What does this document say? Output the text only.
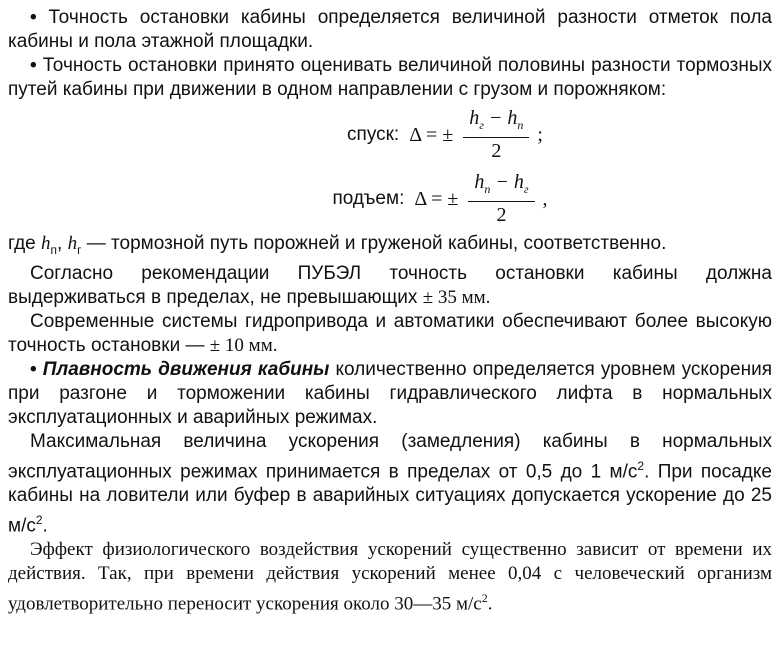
• Точность остановки кабины определяется величиной разности отметок пола кабины и пола этажной площадки.

• Точность остановки принято оценивать величиной половины разности тормозных путей кабины при движении в одном направлении с грузом и порожняком:

спуск: Δ = ± $\frac{h_г - h_п}{2}$ ;
подъем: Δ = ± $\frac{h_п - h_г}{2}$ ,

где $h_п$, $h_г$ — тормозной путь порожней и груженой кабины, соответственно.

Согласно рекомендации ПУБЭЛ точность остановки кабины должна выдерживаться в пределах, не превышающих ± 35 мм.

Современные системы гидропривода и автоматики обеспечивают более высокую точность остановки — ± 10 мм.

• Плавность движения кабины количественно определяется уровнем ускорения при разгоне и торможении кабины гидравлического лифта в нормальных эксплуатационных и аварийных режимах.

Максимальная величина ускорения (замедления) кабины в нормальных эксплуатационных режимах принимается в пределах от 0,5 до 1 $м/с^2$. При посадке кабины на ловители или буфер в аварийных ситуациях допускается ускорение до 25 $м/с^2$.

Эффект физиологического воздействия ускорений существенно зависит от времени их действия. Так, при времени действия ускорений менее 0,04 с человеческий организм удовлетворительно переносит ускорения около 30—35 $м/с^2$.
